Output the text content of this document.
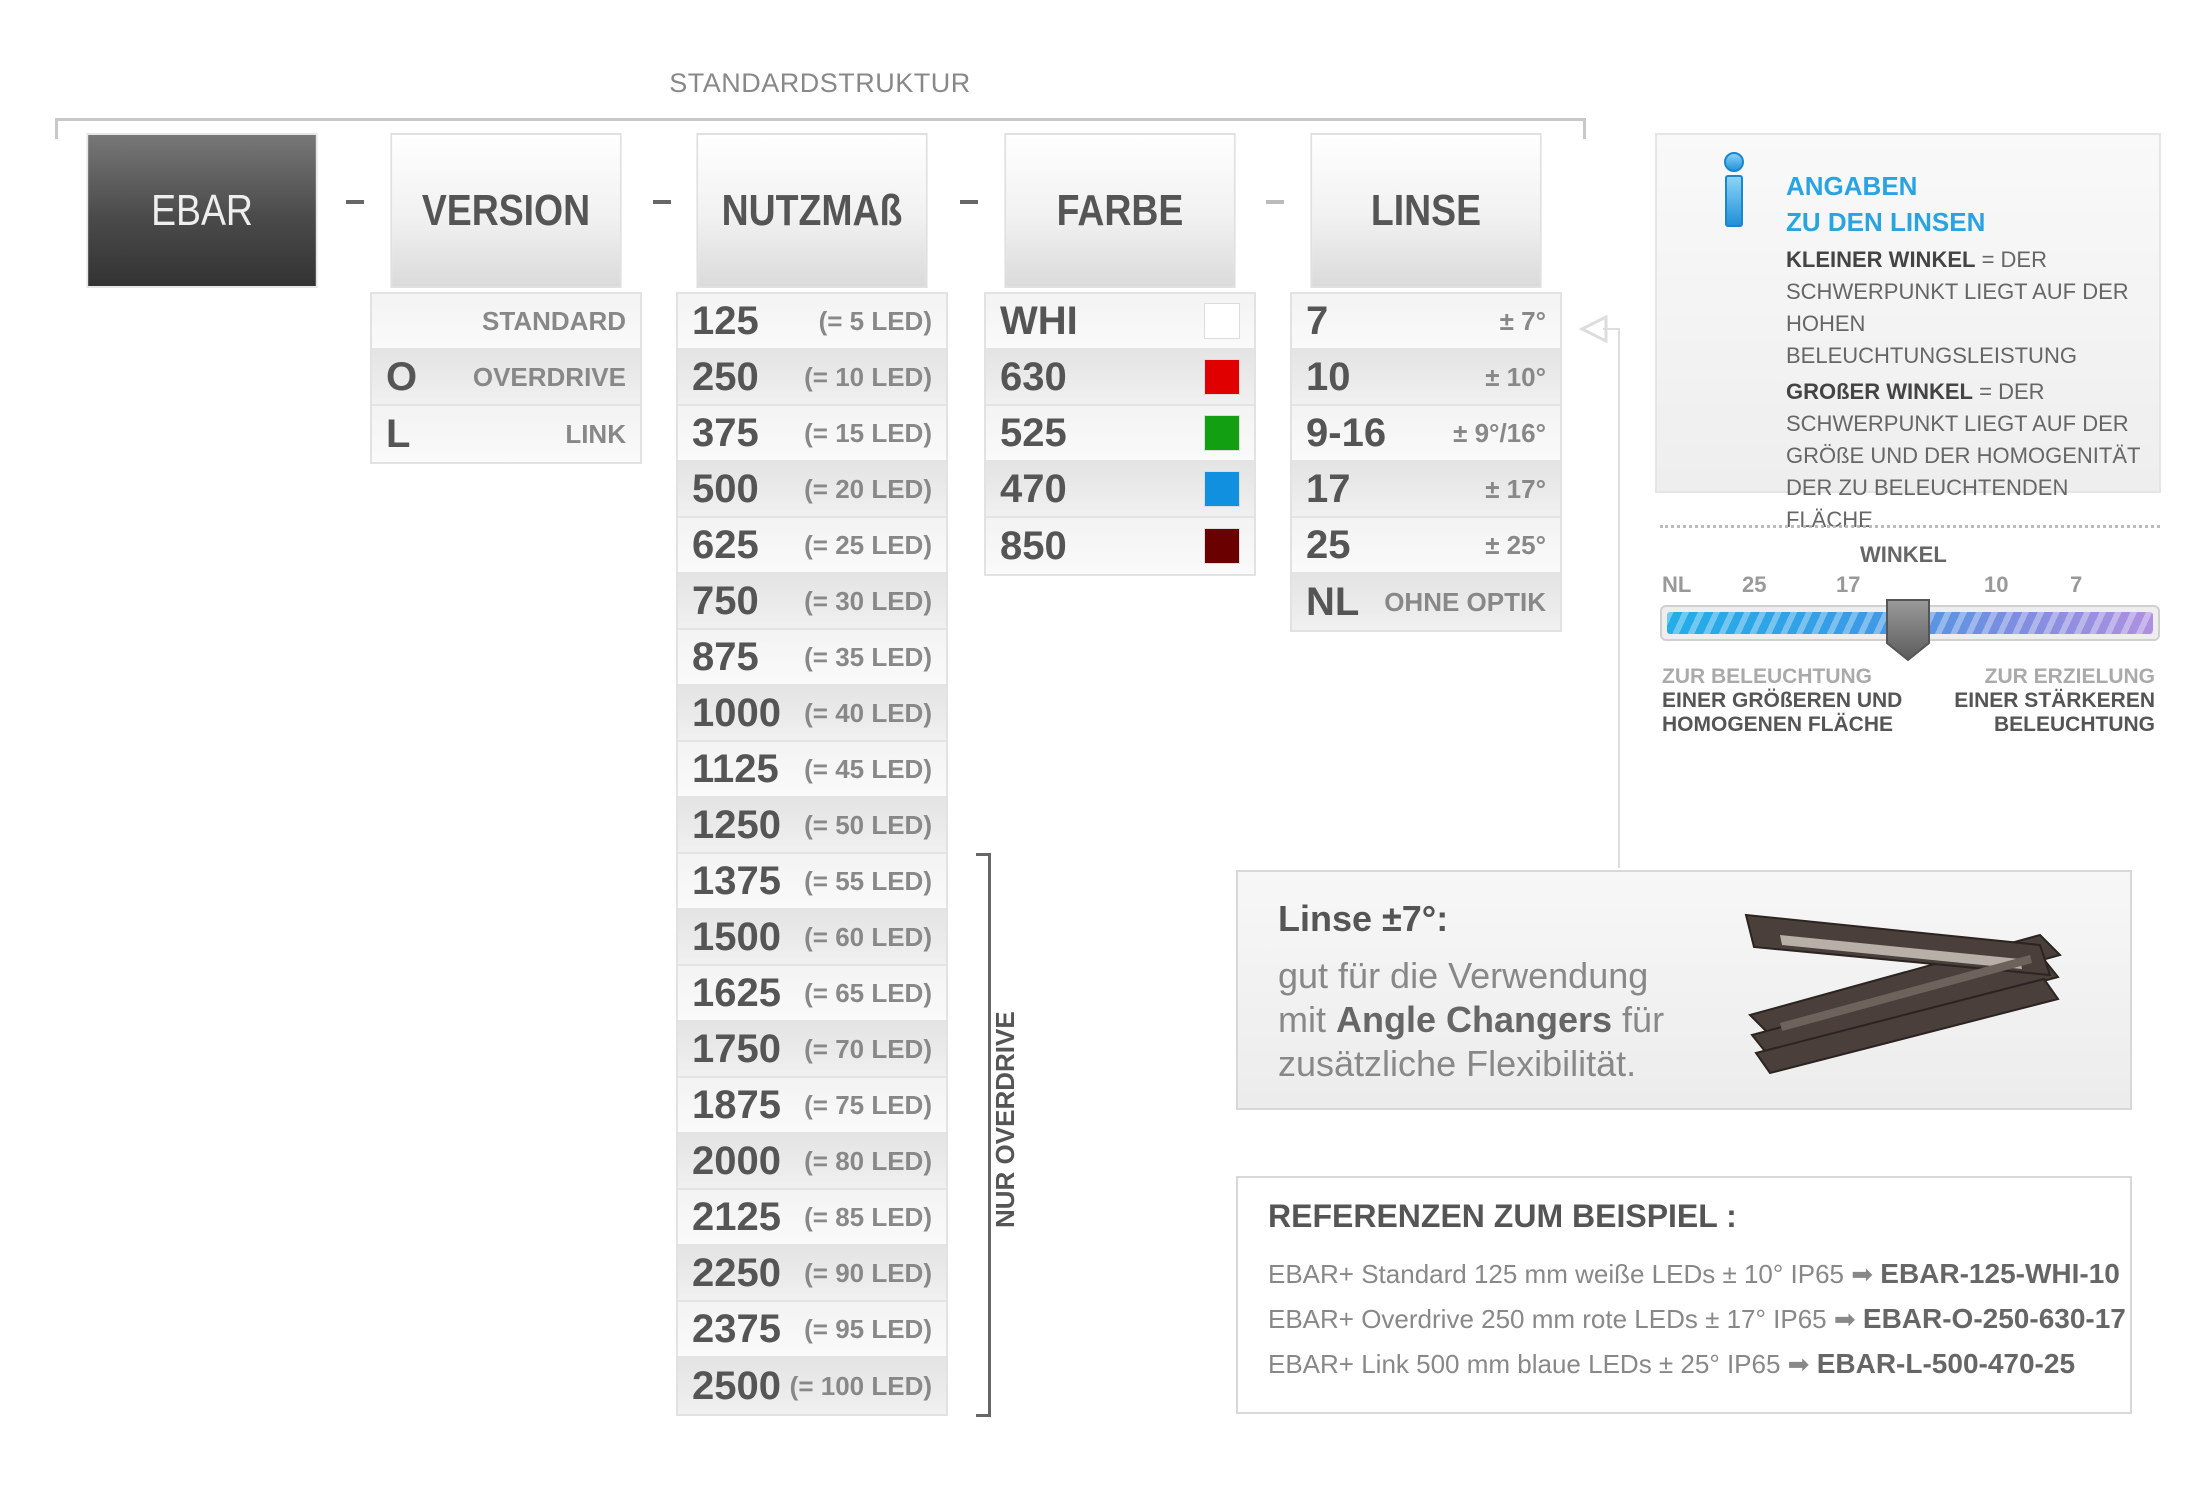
STANDARDSTRUKTUR
EBAR	VERSION	NUTZMAß	FARBE	LINSE
STANDARD
O OVERDRIVE
L	LINK
125 (= 5 LED)
250 (= 10 LED)
375 (= 15 LED)
500 (= 20 LED)
625 (= 25 LED)
750 (= 30 LED)
875 (= 35 LED)
1000 (= 40 LED)
1125 (= 45 LED)
1250 (= 50 LED)
1375 (= 55 LED)
1500 (= 60 LED)
1625 (= 65 LED)
1750 (= 70 LED)
1875 (= 75 LED)
2000 (= 80 LED)
2125 (= 85 LED)
2250 (= 90 LED)
2375 (= 95 LED)
2500 (= 100 LED)
NUR OVERDRIVE
WHI
630
525
470
850
7	± 7°
10	± 10°
9-16	± 9°/16°
17	± 17°
25	± 25°
NL OHNE OPTIK
ANGABEN
ZU DEN LINSEN
KLEINER WINKEL = DER SCHWERPUNKT LIEGT AUF DER HOHEN BELEUCHTUNGSLEISTUNG
GROßER WINKEL = DER SCHWERPUNKT LIEGT AUF DER GRÖßE UND DER HOMOGENITÄT DER ZU BELEUCHTENDEN FLÄCHE
WINKEL
NL 25	17	10	7
ZUR BELEUCHTUNG
EINER GRÖßEREN UND
HOMOGENEN FLÄCHE
ZUR ERZIELUNG
EINER STÄRKEREN
BELEUCHTUNG
Linse ±7°:
gut für die Verwendung
mit Angle Changers für
zusätzliche Flexibilität.
REFERENZEN ZUM BEISPIEL :
EBAR+ Standard 125 mm weiße LEDs ± 10° IP65 ➡ EBAR-125-WHI-10
EBAR+ Overdrive 250 mm rote LEDs ± 17° IP65 ➡ EBAR-O-250-630-17
EBAR+ Link 500 mm blaue LEDs ± 25° IP65 ➡ EBAR-L-500-470-25
